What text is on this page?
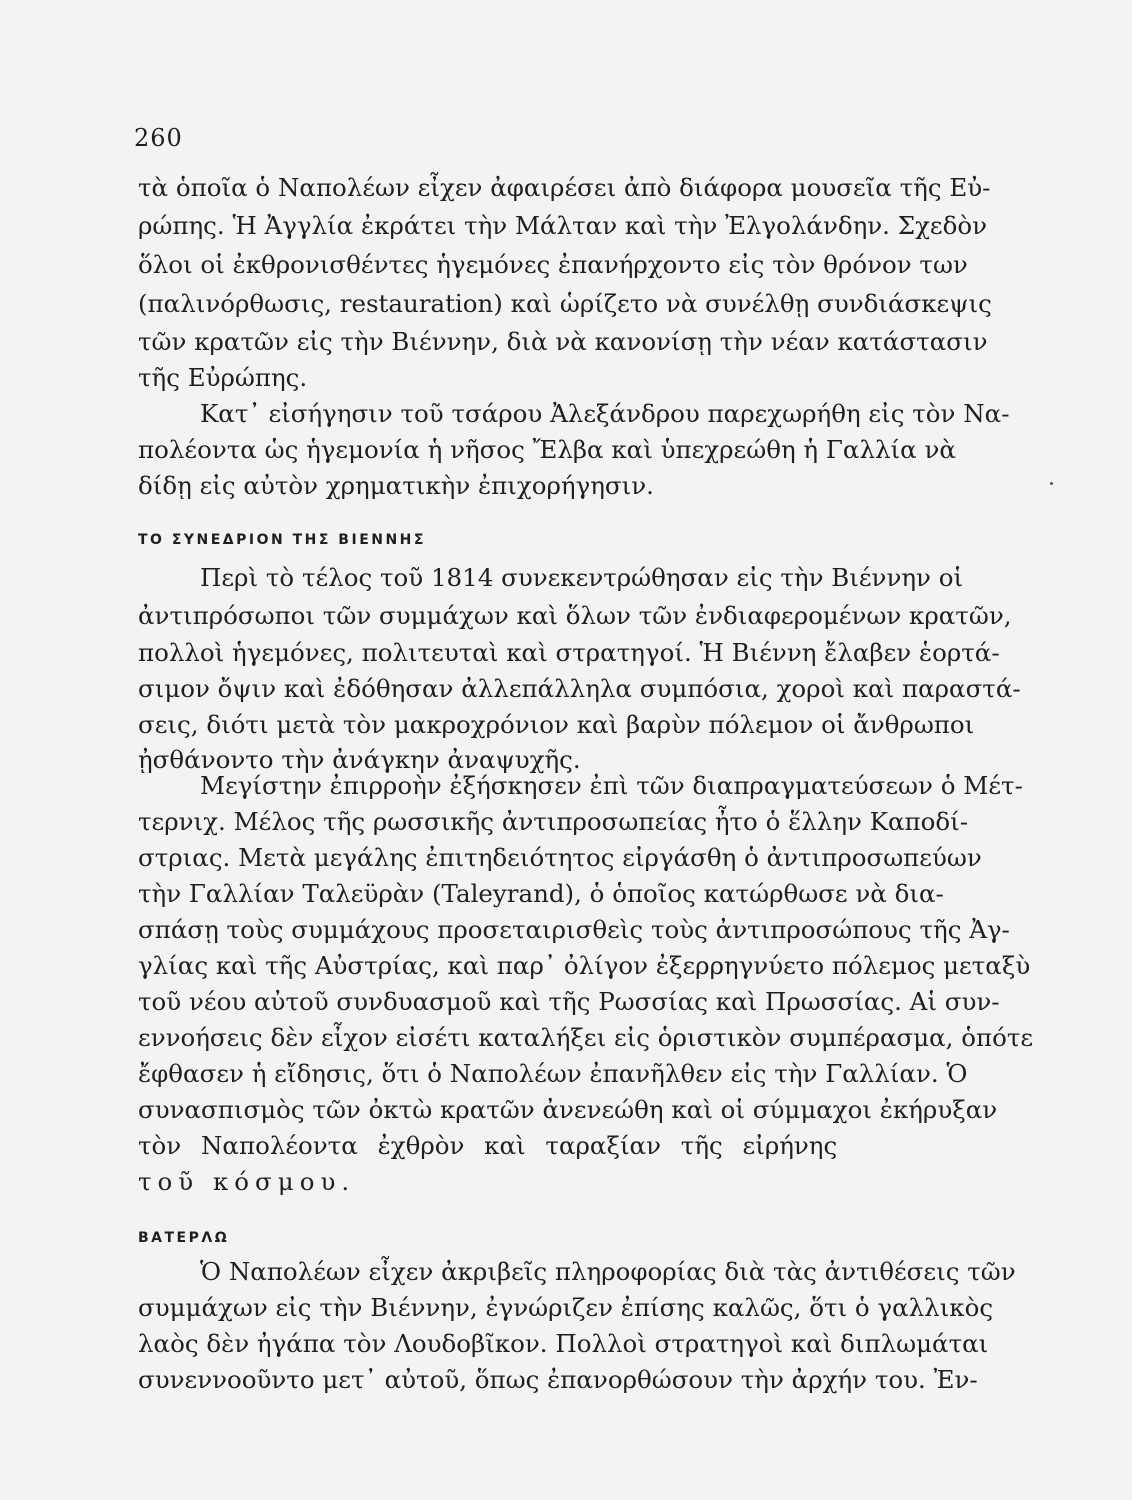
260
τὰ ὁποῖα ὁ Ναπολέων εἶχεν ἀφαιρέσει ἀπὸ διάφορα μουσεῖα τῆς Εὐ-
ρώπης. Ἡ Ἀγγλία ἐκράτει τὴν Μάλταν καὶ τὴν Ἐλγολάνδην. Σχεδὸν
ὅλοι οἱ ἐκθρονισθέντες ἡγεμόνες ἐπανήρχοντο εἰς τὸν θρόνον των
(παλινόρθωσις, restauration) καὶ ὡρίζετο νὰ συνέλθῃ συνδιάσκεψις
τῶν κρατῶν εἰς τὴν Βιέννην, διὰ νὰ κανονίσῃ τὴν νέαν κατάστασιν
τῆς Εὐρώπης.
Κατ᾽ εἰσήγησιν τοῦ τσάρου Ἀλεξάνδρου παρεχωρήθη εἰς τὸν Να-
πολέοντα ὡς ἡγεμονία ἡ νῆσος Ἔλβα καὶ ὑπεχρεώθη ἡ Γαλλία νὰ
δίδῃ εἰς αὐτὸν χρηματικὴν ἐπιχορήγησιν.
ΤΟ ΣΥΝΕΔΡΙΟΝ ΤΗΣ ΒΙΕΝΝΗΣ
Περὶ τὸ τέλος τοῦ 1814 συνεκεντρώθησαν εἰς τὴν Βιέννην οἱ
ἀντιπρόσωποι τῶν συμμάχων καὶ ὅλων τῶν ἐνδιαφερομένων κρατῶν,
πολλοὶ ἡγεμόνες, πολιτευταὶ καὶ στρατηγοί. Ἡ Βιέννη ἔλαβεν ἑορτά-
σιμον ὄψιν καὶ ἐδόθησαν ἀλλεπάλληλα συμπόσια, χοροὶ καὶ παραστά-
σεις, διότι μετὰ τὸν μακροχρόνιον καὶ βαρὺν πόλεμον οἱ ἄνθρωποι
ᾐσθάνοντο τὴν ἀνάγκην ἀναψυχῆς.
Μεγίστην ἐπιρροὴν ἐξήσκησεν ἐπὶ τῶν διαπραγματεύσεων ὁ Μέτ-
τερνιχ. Μέλος τῆς ρωσσικῆς ἀντιπροσωπείας ἦτο ὁ ἕλλην Καποδί-
στριας. Μετὰ μεγάλης ἐπιτηδειότητος εἰργάσθη ὁ ἀντιπροσωπεύων
τὴν Γαλλίαν Ταλεϋρὰν (Taleyrand), ὁ ὁποῖος κατώρθωσε νὰ δια-
σπάσῃ τοὺς συμμάχους προσεταιρισθεὶς τοὺς ἀντιπροσώπους τῆς Ἀγ-
γλίας καὶ τῆς Αὐστρίας, καὶ παρ᾽ ὀλίγον ἐξερρηγνύετο πόλεμος μεταξὺ
τοῦ νέου αὐτοῦ συνδυασμοῦ καὶ τῆς Ρωσσίας καὶ Πρωσσίας. Αἱ συν-
εννοήσεις δὲν εἶχον εἰσέτι καταλήξει εἰς ὁριστικὸν συμπέρασμα, ὁπότε
ἔφθασεν ἡ εἴδησις, ὅτι ὁ Ναπολέων ἐπανῆλθεν εἰς τὴν Γαλλίαν. Ὁ
συνασπισμὸς τῶν ὀκτὼ κρατῶν ἀνενεώθη καὶ οἱ σύμμαχοι ἐκήρυξαν
τὸν Ναπολέοντα ἐχθρὸν καὶ ταραξίαν τῆς εἰρήνης
τοῦ κόσμου.
ΒΑΤΕΡΛΩ
Ὁ Ναπολέων εἶχεν ἀκριβεῖς πληροφορίας διὰ τὰς ἀντιθέσεις τῶν
συμμάχων εἰς τὴν Βιέννην, ἐγνώριζεν ἐπίσης καλῶς, ὅτι ὁ γαλλικὸς
λαὸς δὲν ἠγάπα τὸν Λουδοβῖκον. Πολλοὶ στρατηγοὶ καὶ διπλωμάται
συνεννοοῦντο μετ᾽ αὐτοῦ, ὅπως ἐπανορθώσουν τὴν ἀρχήν του. Ἐν-
